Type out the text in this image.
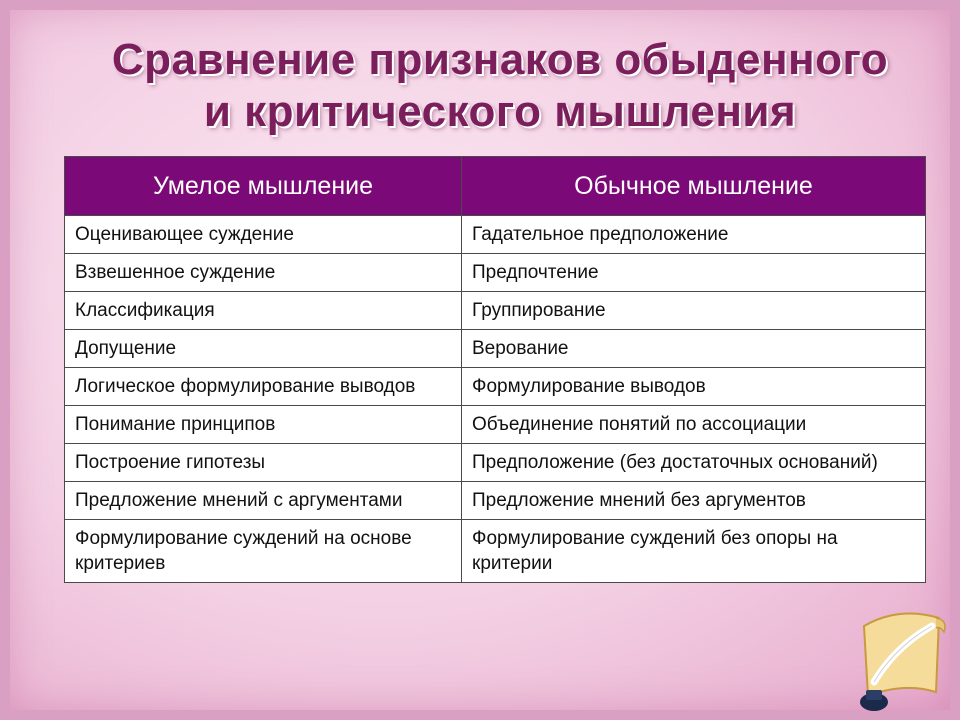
Сравнение признаков обыденного
и критического мышления
Умелое мышление	Обычное мышление
Оценивающее суждение	Гадательное предположение
Взвешенное суждение	Предпочтение
Классификация	Группирование
Допущение	Верование
Логическое формулирование выводов	Формулирование выводов
Понимание принципов	Объединение понятий по ассоциации
Построение гипотезы	Предположение (без достаточных оснований)
Предложение мнений с аргументами	Предложение мнений без аргументов
Формулирование суждений на основе критериев	Формулирование суждений без опоры на критерии
